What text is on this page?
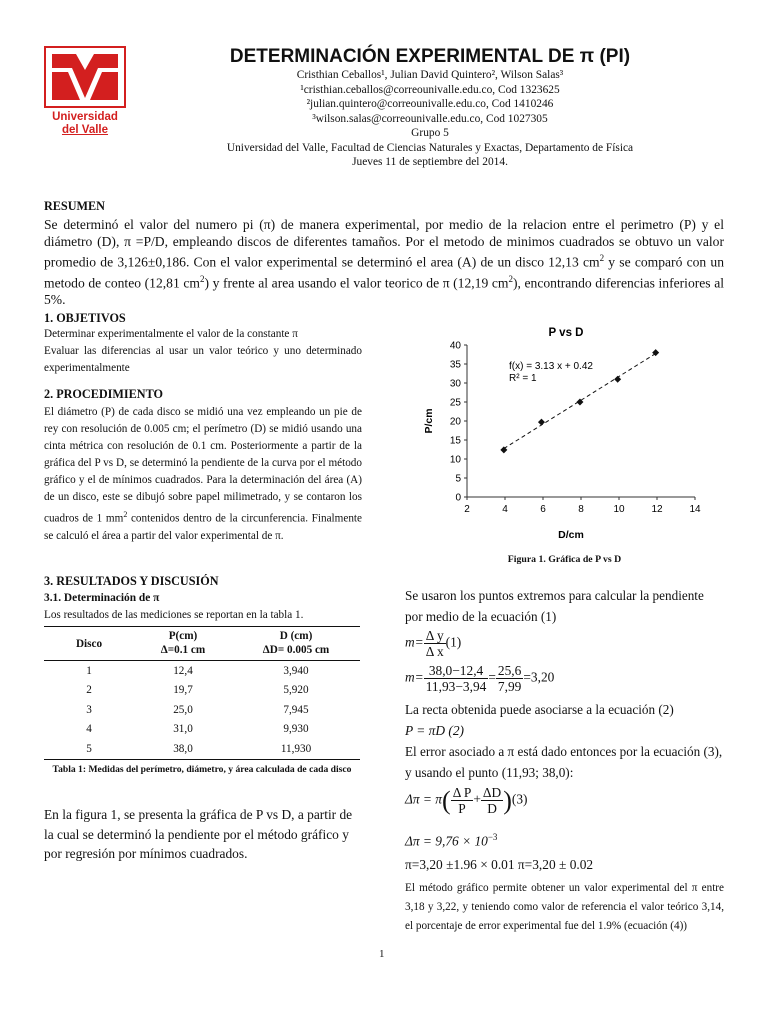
Universidad
del Valle
DETERMINACIÓN EXPERIMENTAL DE π (PI)
Cristhian Ceballos¹, Julian David Quintero², Wilson Salas³
¹cristhian.ceballos@correounivalle.edu.co, Cod 1323625
²julian.quintero@correounivalle.edu.co, Cod 1410246
³wilson.salas@correounivalle.edu.co, Cod 1027305
Grupo 5
Universidad del Valle, Facultad de Ciencias Naturales y Exactas, Departamento de Física
Jueves 11 de septiembre del 2014.
RESUMEN
Se determinó el valor del numero pi (π) de manera experimental, por medio de la relacion entre el perimetro (P) y el diámetro (D), π =P/D, empleando discos de diferentes tamaños. Por el metodo de minimos cuadrados se obtuvo un valor promedio de 3,126±0,186. Con el valor experimental se determinó el area (A) de un disco 12,13 $cm^2$ y se comparó con un metodo de conteo (12,81 $cm^2$) y frente al area usando el valor teorico de π (12,19 $cm^2$), encontrando diferencias inferiores al 5%.
1. OBJETIVOS
Determinar experimentalmente el valor de la constante π
Evaluar las diferencias al usar un valor teórico y uno determinado experimentalmente
2. PROCEDIMIENTO
El diámetro (P) de cada disco se midió una vez empleando un pie de rey con resolución de 0.005 cm; el perímetro (D) se midió usando una cinta métrica con resolución de 0.1 cm. Posteriormente a partir de la gráfica del P vs D, se determinó la pendiente de la curva por el método gráfico y el de mínimos cuadrados. Para la determinación del área (A) de un disco, este se dibujó sobre papel milimetrado, y se contaron los cuadros de 1 $mm^2$ contenidos dentro de la circunferencia. Finalmente se calculó el área a partir del valor experimental de π.
3. RESULTADOS Y DISCUSIÓN
3.1. Determinación de π
Los resultados de las mediciones se reportan en la tabla 1.
Disco	P(cm)	D (cm)
	Δ=0.1 cm	ΔD= 0.005 cm
1	12,4	3,940
2	19,7	5,920
3	25,0	7,945
4	31,0	9,930
5	38,0	11,930
Tabla 1: Medidas del perímetro, diámetro, y área calculada de cada disco
En la figura 1, se presenta la gráfica de P vs D, a partir de la cual se determinó la pendiente por el método gráfico y por regresión por mínimos cuadrados.
P vs D
2	4	6	8	10	12	14
0
5
10
15
20
25
30
35
40
f(x) = 3.13 x + 0.42
R² = 1
D/cm
P/cm
Figura 1. Gráfica de P vs D
Se usaron los puntos extremos para calcular la pendiente por medio de la ecuación (1)
$m= \frac{\text{Δ y}}{\text{Δ x}} (1)$
$m= \frac{38,0-12,4}{11,93-3,94} = \frac{25,6}{7,99} =3,20$
La recta obtenida puede asociarse a la ecuación (2)
P = πD (2)
El error asociado a π está dado entonces por la ecuación (3), y usando el punto (11,93; 38,0):
$\Delta\pi = \pi( \frac{\text{Δ P}}{P} + \frac{\Delta D}{D} )(3)$
$\Delta\pi = 9,76 \times 10^{-3}$
π=3,20 ±1.96 × 0.01 π=3,20 ± 0.02
El método gráfico permite obtener un valor experimental del π entre 3,18 y 3,22, y teniendo como valor de referencia el valor teórico 3,14, el porcentaje de error experimental fue del 1.9% (ecuación (4))
1
